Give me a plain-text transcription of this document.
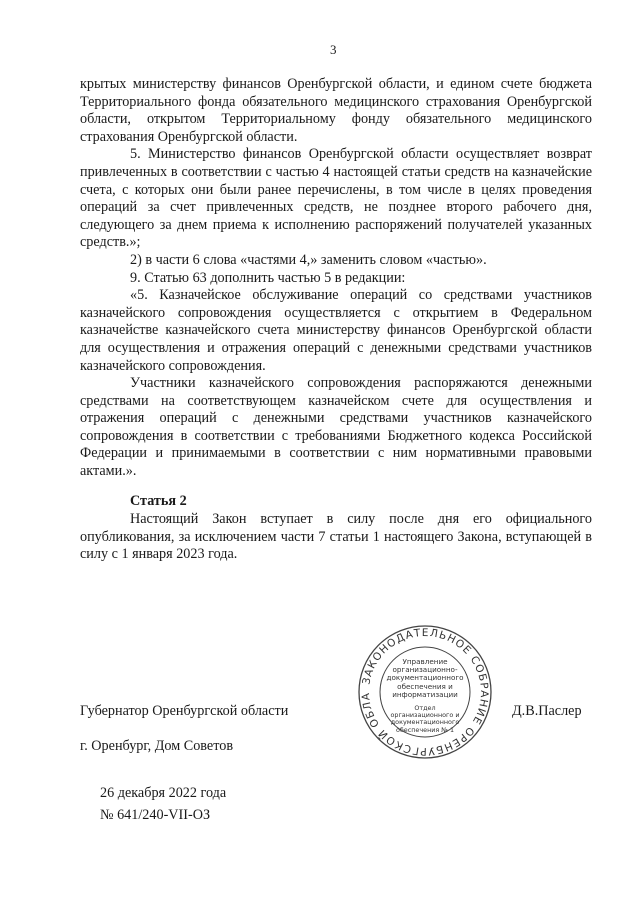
3

крытых министерству финансов Оренбургской области, и едином счете бюджета Территориального фонда обязательного медицинского страхования Оренбургской области, открытом Территориальному фонду обязательного медицинского страхования Оренбургской области.

5. Министерство финансов Оренбургской области осуществляет возврат привлеченных в соответствии с частью 4 настоящей статьи средств на казначейские счета, с которых они были ранее перечислены, в том числе в целях проведения операций за счет привлеченных средств, не позднее второго рабочего дня, следующего за днем приема к исполнению распоряжений получателей указанных средств.»;

2) в части 6 слова «частями 4,» заменить словом «частью».

9. Статью 63 дополнить частью 5 в редакции:

«5. Казначейское обслуживание операций со средствами участников казначейского сопровождения осуществляется с открытием в Федеральном казначействе казначейского счета министерству финансов Оренбургской области для осуществления и отражения операций с денежными средствами участников казначейского сопровождения.

Участники казначейского сопровождения распоряжаются денежными средствами на соответствующем казначейском счете для осуществления и отражения операций с денежными средствами участников казначейского сопровождения в соответствии с требованиями Бюджетного кодекса Российской Федерации и принимаемыми в соответствии с ним нормативными правовыми актами.».

Статья 2

Настоящий Закон вступает в силу после дня его официального опубликования, за исключением части 7 статьи 1 настоящего Закона, вступающей в силу с 1 января 2023 года.

ЗАКОНОДАТЕЛЬНОЕ СОБРАНИЕ ОРЕНБУРГСКОЙ ОБЛА
Управление организационно-документационного обеспечения и информатизации
Отдел организационного и документационного обеспечения № 1
Губернатор Оренбургской области	Д.В.Паслер
г. Оренбург, Дом Советов
26 декабря 2022 года
№ 641/240-VII-ОЗ
